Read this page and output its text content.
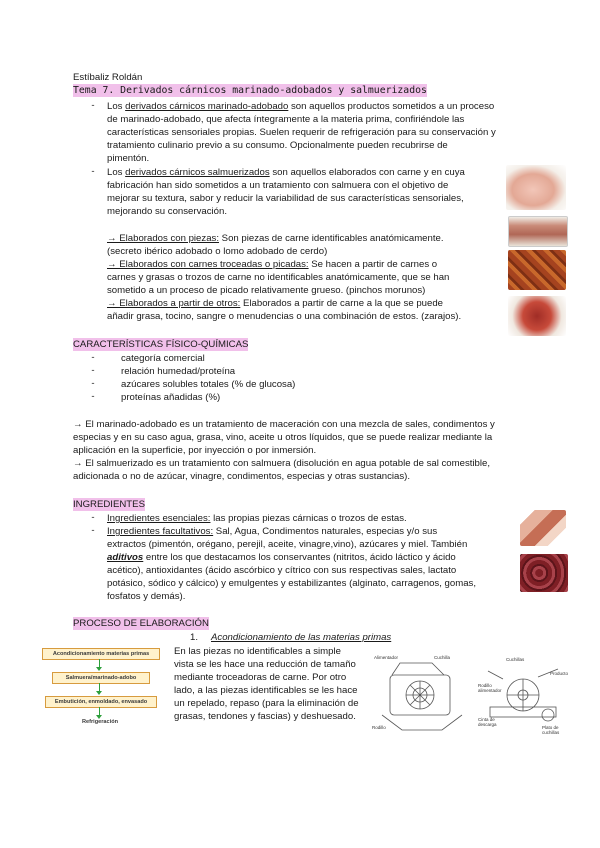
Estíbaliz Roldán
Tema 7. Derivados cárnicos marinado-adobados y salmuerizados
-	Los derivados cárnicos marinado-adobado son aquellos productos sometidos a un proceso
de marinado-adobado, que afecta íntegramente a la materia prima, confiriéndole las
características sensoriales propias. Suelen requerir de refrigeración para su conservación y
tratamiento culinario previo a su consumo. Opcionalmente pueden recubrirse de
pimentón.
-	Los derivados cárnicos salmuerizados son aquellos elaborados con carne y en cuya
fabricación han sido sometidos a un tratamiento con salmuera con el objetivo de
mejorar su textura, sabor y reducir la variabilidad de sus características sensoriales,
mejorando su conservación.
→ Elaborados con piezas: Son piezas de carne identificables anatómicamente.
(secreto ibérico adobado o lomo adobado de cerdo)
→ Elaborados con carnes troceadas o picadas: Se hacen a partir de carnes o
carnes y grasas o trozos de carne no identificables anatómicamente, que se han
sometido a un proceso de picado relativamente grueso. (pinchos morunos)
→ Elaborados a partir de otros: Elaborados a partir de carne a la que se puede
añadir grasa, tocino, sangre o menudencias o una combinación de estos. (zarajos).
CARACTERÍSTICAS FÍSICO-QUÍMICAS
-	categoría comercial
-	relación humedad/proteína
-	azúcares solubles totales (% de glucosa)
-	proteínas añadidas (%)
→ El marinado-adobado es un tratamiento de maceración con una mezcla de sales, condimentos y
especias y en su caso agua, grasa, vino, aceite u otros líquidos, que se puede realizar mediante la
aplicación en la superficie, por inyección o por inmersión.
→ El salmuerizado es un tratamiento con salmuera (disolución en agua potable de sal comestible,
adicionada o no de azúcar, vinagre, condimentos, especias y otras sustancias).
INGREDIENTES
-	Ingredientes esenciales: las propias piezas cárnicas o trozos de estas.
-	Ingredientes facultativos: Sal, Agua, Condimentos naturales, especias y/o sus
extractos (pimentón, orégano, perejil, aceite, vinagre,vino), azúcares y miel. También
aditivos entre los que destacamos los conservantes (nitritos, ácido láctico y ácido
acético), antioxidantes (ácido ascórbico y cítrico con sus respectivas sales, lactato
potásico, sódico y cálcico) y emulgentes y estabilizantes (alginato, carragenos, gomas,
fosfatos y demás).
PROCESO DE ELABORACIÓN
1. Acondicionamiento de las materias primas
En las piezas no identificables a simple
vista se les hace una reducción de tamaño
mediante troceadoras de carne. Por otro
lado, a las piezas identificables se les hace
un repelado, repaso (para la eliminación de
grasas, tendones y fascias) y deshuesado.
Acondicionamiento materias primas
Salmuera/marinado-adobo
Embutición, enmoldado, envasado
Refrigeración
Alimentador	Cuchilla
Rodillo
Cuchillas
Producto
Rodillo alimentador
Cinta de descarga
Plato de cuchillas
